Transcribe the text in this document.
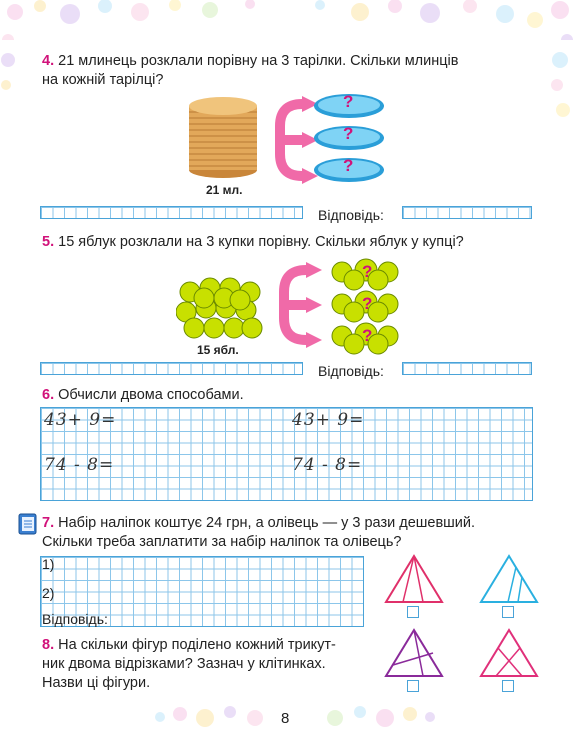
4. 21 млинець розклали порівну на 3 тарілки. Скільки млинців
на кожній тарілці?
21 мл.
?
?
?
Відповідь:
5. 15 яблук розклали на 3 купки порівну. Скільки яблук у купці?
15 ябл.
?
?
?
Відповідь:
6. Обчисли двома способами.
43+ 9=
74 - 8=
43+ 9=
74 - 8=
7. Набір наліпок коштує 24 грн, а олівець — у 3 рази дешевший.
Скільки треба заплатити за набір наліпок та олівець?
1)
2)
Відповідь:
8. На скільки фігур поділено кожний трикут-
ник двома відрізками? Зазнач у клітинках.
Назви ці фігури.
8
